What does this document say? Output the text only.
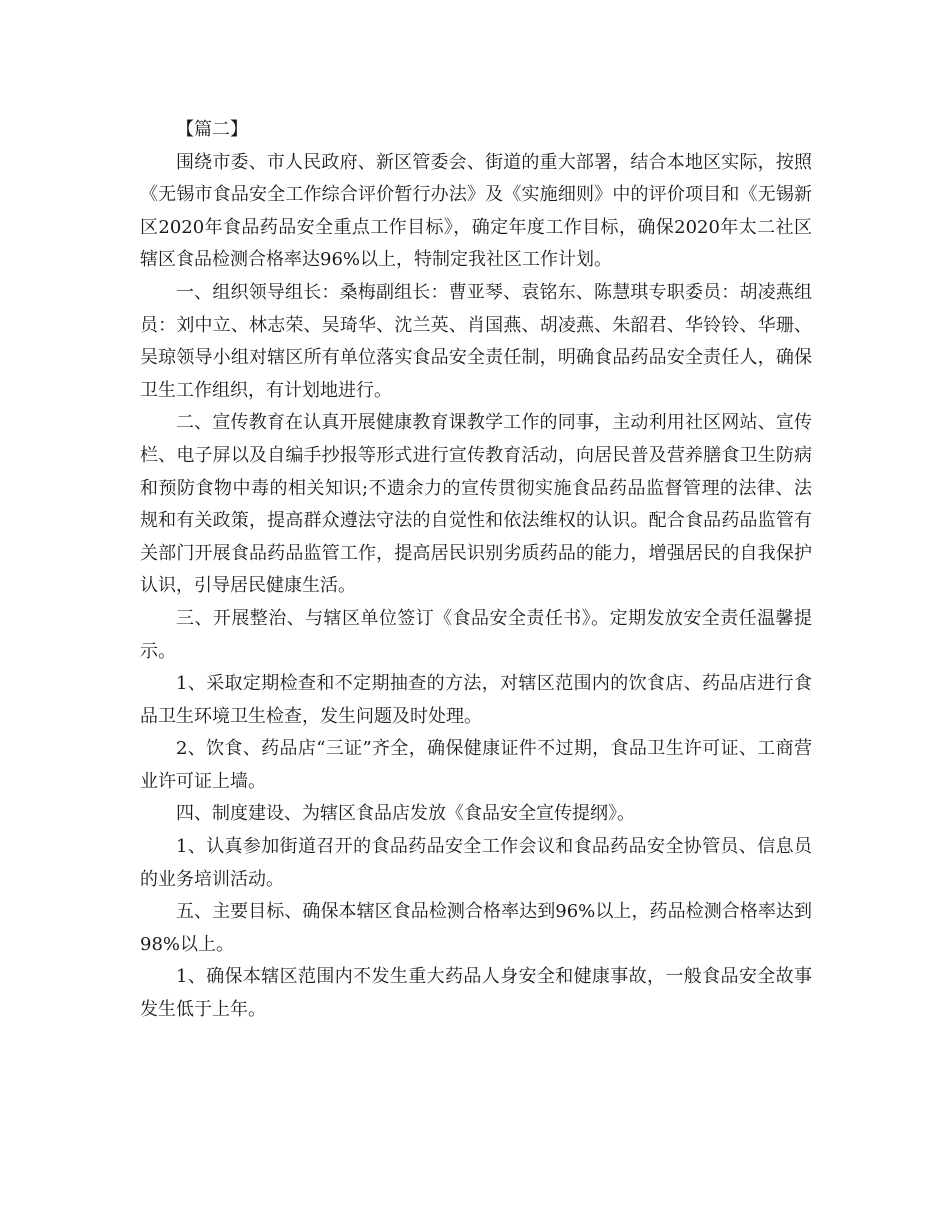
【篇二】

围绕市委、市人民政府、新区管委会、街道的重大部署，结合本地区实际，按照《无锡市食品安全工作综合评价暂行办法》及《实施细则》中的评价项目和《无锡新区2020年食品药品安全重点工作目标》，确定年度工作目标，确保2020年太二社区辖区食品检测合格率达96%以上，特制定我社区工作计划。

一、组织领导组长：桑梅副组长：曹亚琴、袁铭东、陈慧琪专职委员：胡凌燕组员：刘中立、林志荣、吴琦华、沈兰英、肖国燕、胡凌燕、朱韶君、华铃铃、华珊、吴琼领导小组对辖区所有单位落实食品安全责任制，明确食品药品安全责任人，确保卫生工作组织，有计划地进行。

二、宣传教育在认真开展健康教育课教学工作的同事，主动利用社区网站、宣传栏、电子屏以及自编手抄报等形式进行宣传教育活动，向居民普及营养膳食卫生防病和预防食物中毒的相关知识;不遗余力的宣传贯彻实施食品药品监督管理的法律、法规和有关政策，提高群众遵法守法的自觉性和依法维权的认识。配合食品药品监管有关部门开展食品药品监管工作，提高居民识别劣质药品的能力，增强居民的自我保护认识，引导居民健康生活。

三、开展整治、与辖区单位签订《食品安全责任书》。定期发放安全责任温馨提示。

1、采取定期检查和不定期抽查的方法，对辖区范围内的饮食店、药品店进行食品卫生环境卫生检查，发生问题及时处理。

2、饮食、药品店“三证”齐全，确保健康证件不过期，食品卫生许可证、工商营业许可证上墙。

四、制度建设、为辖区食品店发放《食品安全宣传提纲》。

1、认真参加街道召开的食品药品安全工作会议和食品药品安全协管员、信息员的业务培训活动。

五、主要目标、确保本辖区食品检测合格率达到96%以上，药品检测合格率达到98%以上。

1、确保本辖区范围内不发生重大药品人身安全和健康事故，一般食品安全故事发生低于上年。
